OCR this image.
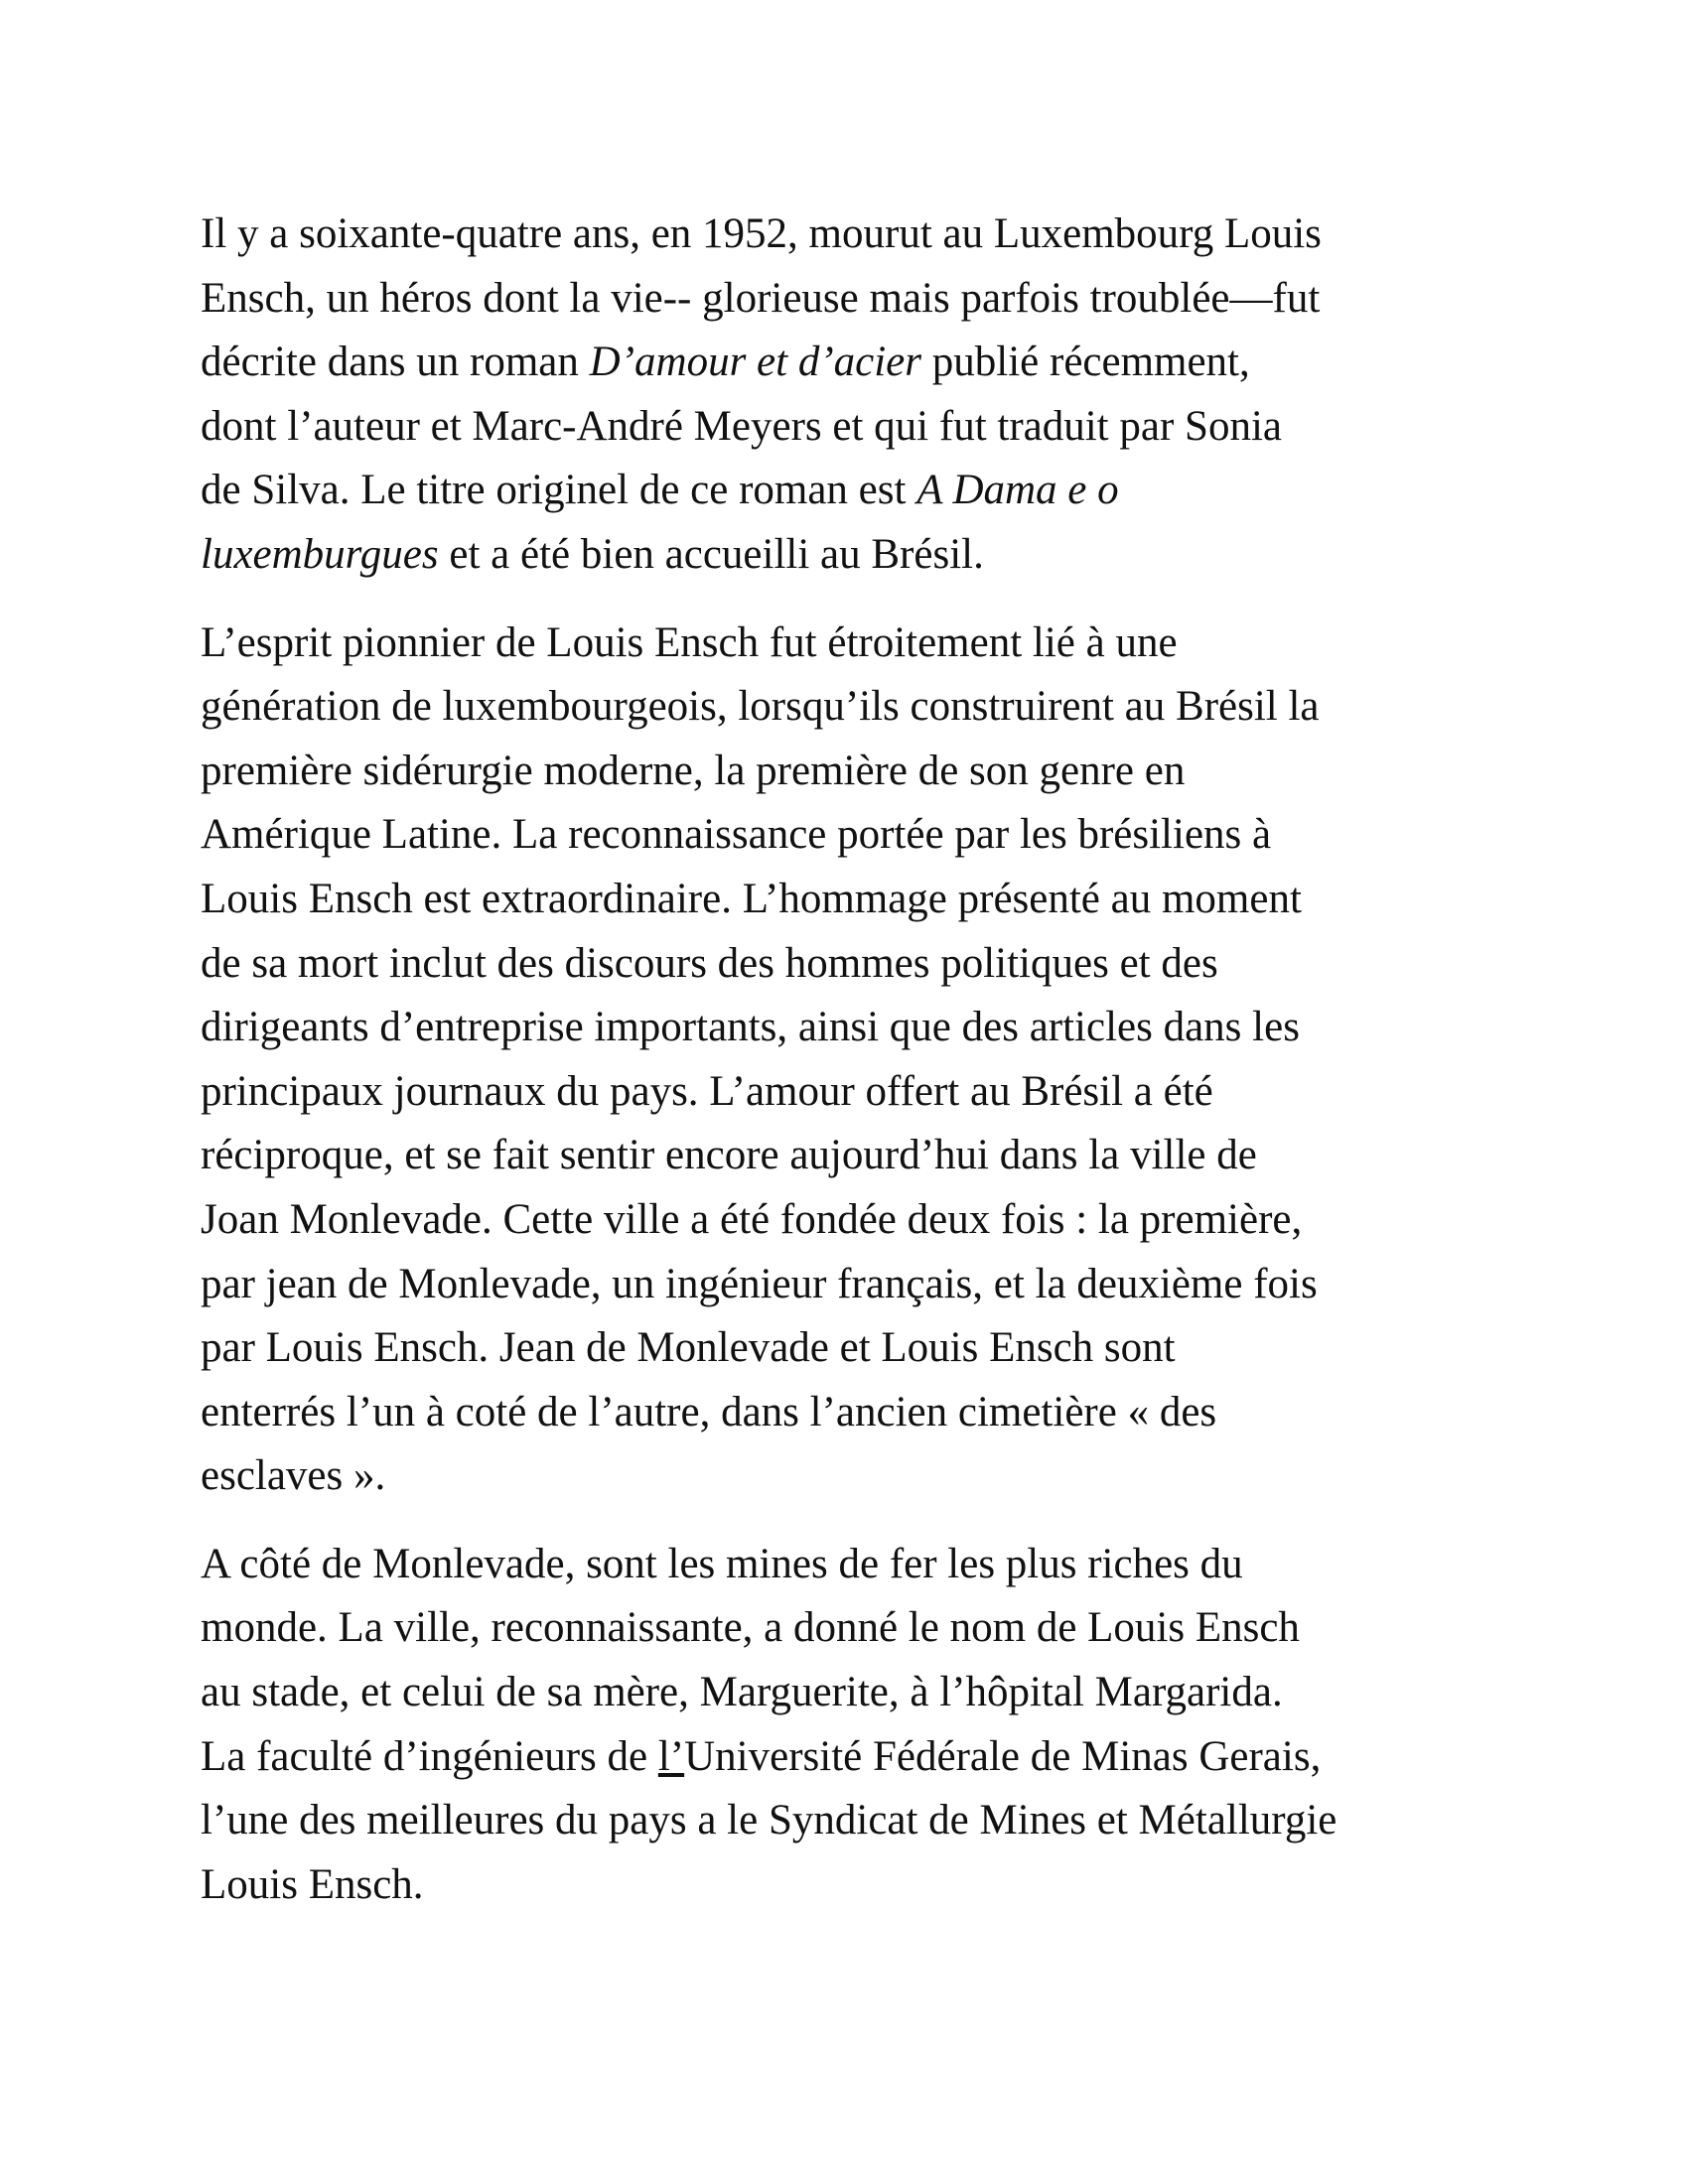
Il y a soixante-quatre ans, en 1952, mourut au Luxembourg Louis
Ensch, un héros dont la vie-- glorieuse mais parfois troublée—fut
décrite dans un roman D’amour et d’acier publié récemment,
dont l’auteur et Marc-André Meyers et qui fut traduit par Sonia
de Silva. Le titre originel de ce roman est A Dama e o
luxemburgues et a été bien accueilli au Brésil.
L’esprit pionnier de Louis Ensch fut étroitement lié à une
génération de luxembourgeois, lorsqu’ils construirent au Brésil la
première sidérurgie moderne, la première de son genre en
Amérique Latine. La reconnaissance portée par les brésiliens à
Louis Ensch est extraordinaire. L’hommage présenté au moment
de sa mort inclut des discours des hommes politiques et des
dirigeants d’entreprise importants, ainsi que des articles dans les
principaux journaux du pays. L’amour offert au Brésil a été
réciproque, et se fait sentir encore aujourd’hui dans la ville de
Joan Monlevade. Cette ville a été fondée deux fois : la première,
par jean de Monlevade, un ingénieur français, et la deuxième fois
par Louis Ensch. Jean de Monlevade et Louis Ensch sont
enterrés l’un à coté de l’autre, dans l’ancien cimetière « des
esclaves ».
A côté de Monlevade, sont les mines de fer les plus riches du
monde. La ville, reconnaissante, a donné le nom de Louis Ensch
au stade, et celui de sa mère, Marguerite, à l’hôpital Margarida.
La faculté d’ingénieurs de l’Université Fédérale de Minas Gerais,
l’une des meilleures du pays a le Syndicat de Mines et Métallurgie
Louis Ensch.
